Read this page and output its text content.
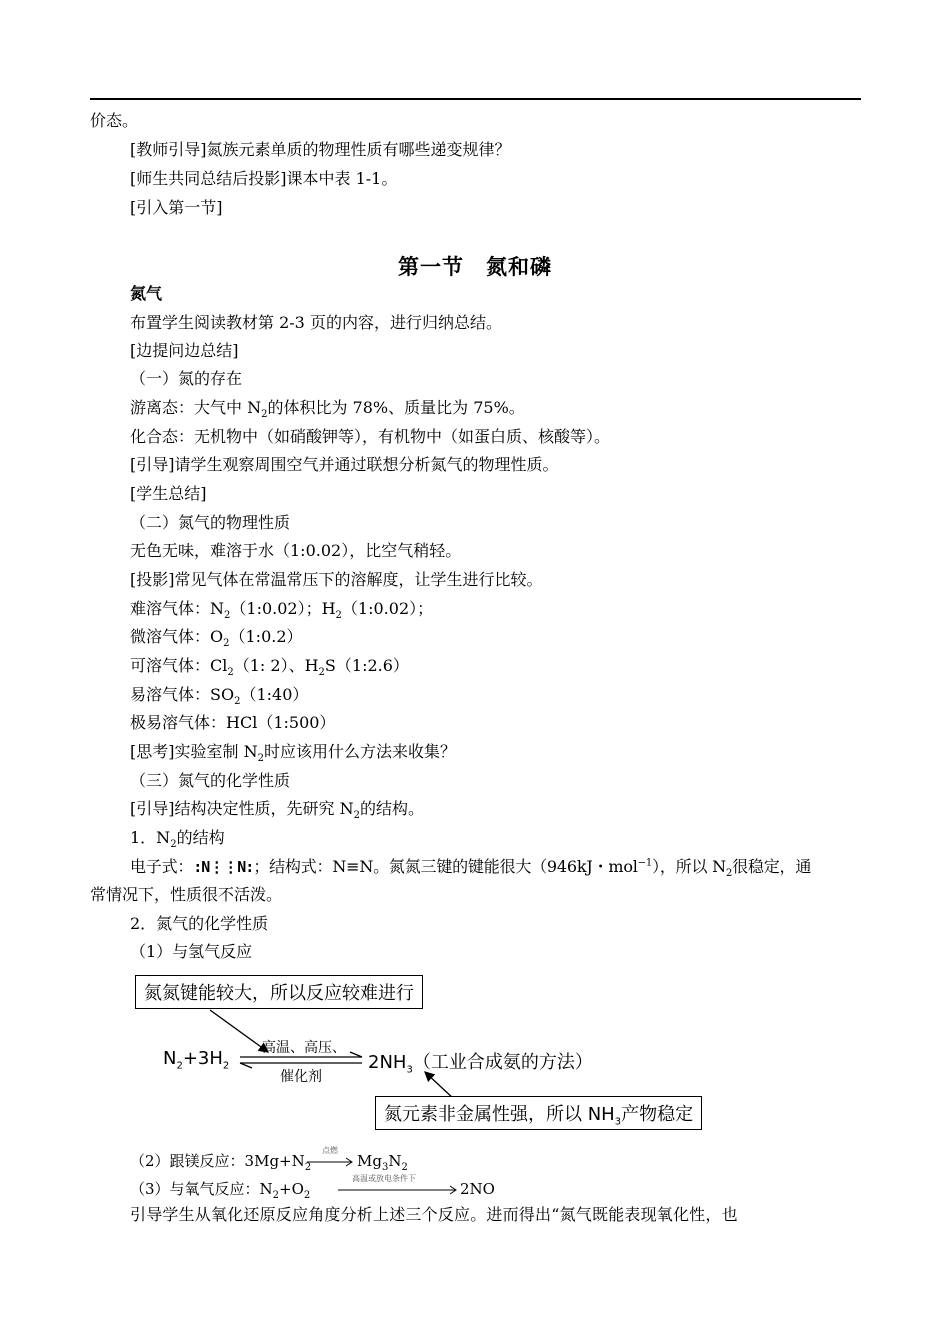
价态。
[教师引导]氮族元素单质的物理性质有哪些递变规律？
[师生共同总结后投影]课本中表 1-1。
[引入第一节]
第一节　氮和磷
氮气
布置学生阅读教材第 2-3 页的内容，进行归纳总结。
[边提问边总结]
（一）氮的存在
游离态：大气中 $N_2$的体积比为 78%、质量比为 75%。
化合态：无机物中（如硝酸钾等），有机物中（如蛋白质、核酸等）。
[引导]请学生观察周围空气并通过联想分析氮气的物理性质。
[学生总结]
（二）氮气的物理性质
无色无味，难溶于水（1:0.02），比空气稍轻。
[投影]常见气体在常温常压下的溶解度，让学生进行比较。
难溶气体：$N_2(1:0.02)$；$H_2(1:0.02)$；
微溶气体：$O_2(1:0.2)$
可溶气体：$Cl_2(1$: 2）、$H_2S(1:2.6)$
易溶气体：$SO_2(1:40)$
极易溶气体：HCl（1:500）
[思考]实验室制 $N_2$时应该用什么方法来收集？
（三）氮气的化学性质
[引导]结构决定性质，先研究 $N_2$的结构。
1．$N_2$的结构
电子式：:N⋮⋮N:；结构式：N≡N。氮氮三键的键能很大（946kJ・mol$^{-1}$），所以 $N_2$很稳定，通
常情况下，性质很不活泼。
2．氮气的化学性质
（1）与氢气反应
氮氮键能较大，所以反应较难进行
$N_2+3H_2$
高温、高压、
催化剂
$2NH_3$（工业合成氨的方法）
氮元素非金属性强，所以 $NH_3$产物稳定
（2）跟镁反应：$3Mg+N_2$
点燃
$Mg_3N_2$
（3）与氧气反应：$N_2+O_2$
高温或放电条件下
2NO
引导学生从氧化还原反应角度分析上述三个反应。进而得出“氮气既能表现氧化性，也
